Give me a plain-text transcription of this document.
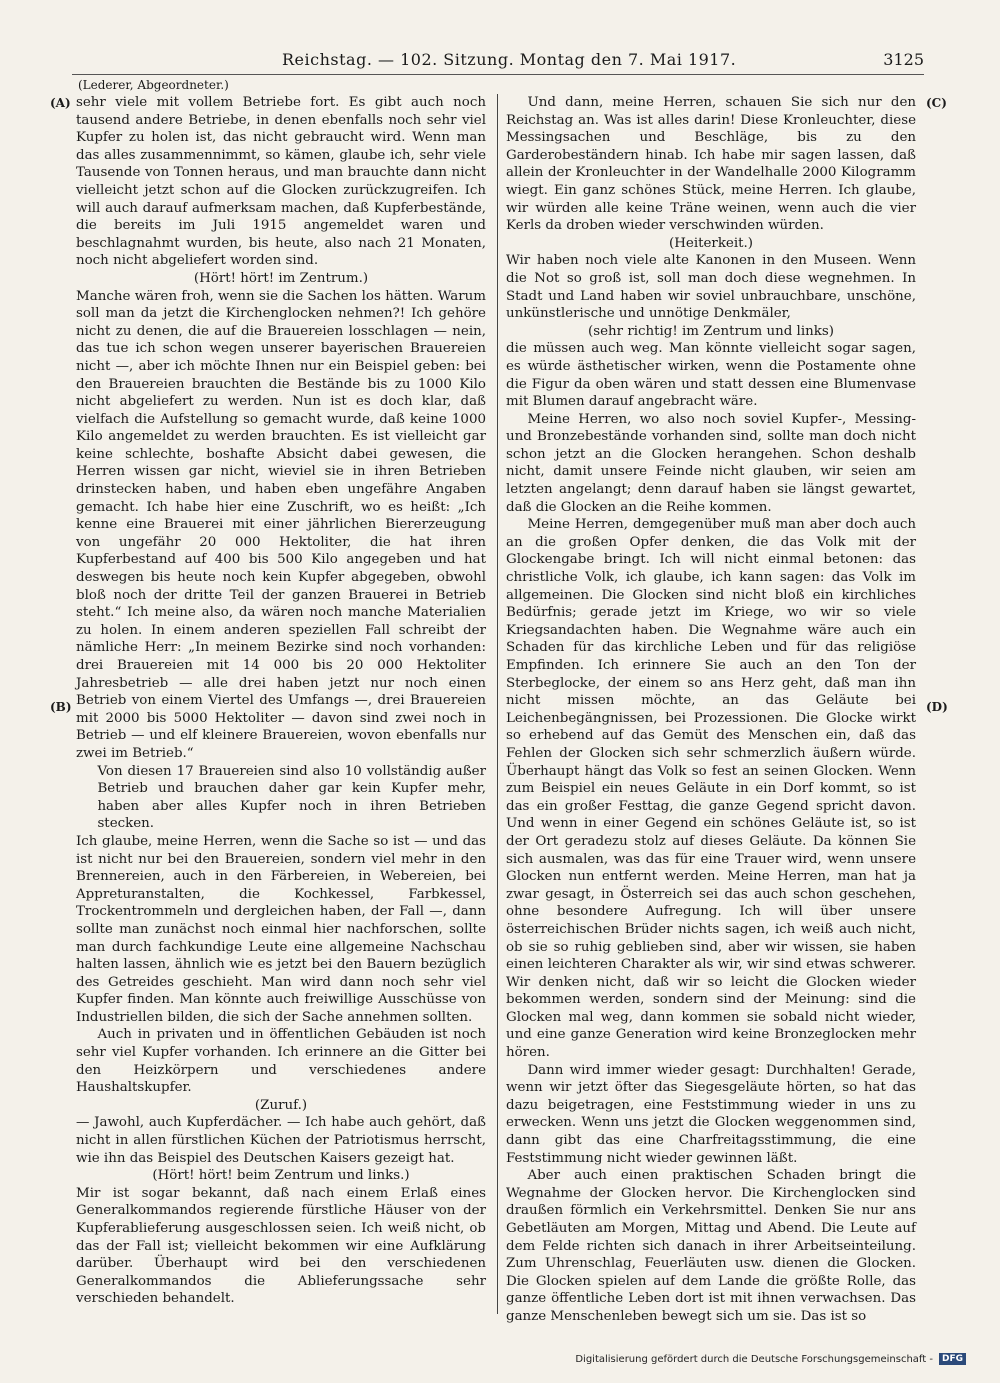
Reichstag. — 102. Sitzung. Montag den 7. Mai 1917.	3125
(Lederer, Abgeordneter.)
(A)
(B)
(C)
(D)

sehr viele mit vollem Betriebe fort. Es gibt auch noch tausend andere Betriebe, in denen ebenfalls noch sehr viel Kupfer zu holen ist, das nicht gebraucht wird. Wenn man das alles zusammennimmt, so kämen, glaube ich, sehr viele Tausende von Tonnen heraus, und man brauchte dann nicht vielleicht jetzt schon auf die Glocken zurückzugreifen. Ich will auch darauf aufmerksam machen, daß Kupferbestände, die bereits im Juli 1915 angemeldet waren und beschlagnahmt wurden, bis heute, also nach 21 Monaten, noch nicht abgeliefert worden sind.

(Hört! hört! im Zentrum.)

Manche wären froh, wenn sie die Sachen los hätten. Warum soll man da jetzt die Kirchenglocken nehmen?! Ich gehöre nicht zu denen, die auf die Brauereien losschlagen — nein, das tue ich schon wegen unserer bayerischen Brauereien nicht —, aber ich möchte Ihnen nur ein Beispiel geben: bei den Brauereien brauchten die Bestände bis zu 1000 Kilo nicht abgeliefert zu werden. Nun ist es doch klar, daß vielfach die Aufstellung so gemacht wurde, daß keine 1000 Kilo angemeldet zu werden brauchten. Es ist vielleicht gar keine schlechte, boshafte Absicht dabei gewesen, die Herren wissen gar nicht, wieviel sie in ihren Betrieben drinstecken haben, und haben eben ungefähre Angaben gemacht. Ich habe hier eine Zuschrift, wo es heißt: „Ich kenne eine Brauerei mit einer jährlichen Biererzeugung von ungefähr 20 000 Hektoliter, die hat ihren Kupferbestand auf 400 bis 500 Kilo angegeben und hat deswegen bis heute noch kein Kupfer abgegeben, obwohl bloß noch der dritte Teil der ganzen Brauerei in Betrieb steht.“ Ich meine also, da wären noch manche Materialien zu holen. In einem anderen speziellen Fall schreibt der nämliche Herr: „In meinem Bezirke sind noch vorhanden: drei Brauereien mit 14 000 bis 20 000 Hektoliter Jahresbetrieb — alle drei haben jetzt nur noch einen Betrieb von einem Viertel des Umfangs —, drei Brauereien mit 2000 bis 5000 Hektoliter — davon sind zwei noch in Betrieb — und elf kleinere Brauereien, wovon ebenfalls nur zwei im Betrieb.“

Von diesen 17 Brauereien sind also 10 vollständig außer Betrieb und brauchen daher gar kein Kupfer mehr, haben aber alles Kupfer noch in ihren Betrieben stecken.

Ich glaube, meine Herren, wenn die Sache so ist — und das ist nicht nur bei den Brauereien, sondern viel mehr in den Brennereien, auch in den Färbereien, in Webereien, bei Appreturanstalten, die Kochkessel, Farbkessel, Trockentrommeln und dergleichen haben, der Fall —, dann sollte man zunächst noch einmal hier nachforschen, sollte man durch fachkundige Leute eine allgemeine Nachschau halten lassen, ähnlich wie es jetzt bei den Bauern bezüglich des Getreides geschieht. Man wird dann noch sehr viel Kupfer finden. Man könnte auch freiwillige Ausschüsse von Industriellen bilden, die sich der Sache annehmen sollten.

Auch in privaten und in öffentlichen Gebäuden ist noch sehr viel Kupfer vorhanden. Ich erinnere an die Gitter bei den Heizkörpern und verschiedenes andere Haushaltskupfer.

(Zuruf.)

— Jawohl, auch Kupferdächer. — Ich habe auch gehört, daß nicht in allen fürstlichen Küchen der Patriotismus herrscht, wie ihn das Beispiel des Deutschen Kaisers gezeigt hat.

(Hört! hört! beim Zentrum und links.)

Mir ist sogar bekannt, daß nach einem Erlaß eines Generalkommandos regierende fürstliche Häuser von der Kupferablieferung ausgeschlossen seien. Ich weiß nicht, ob das der Fall ist; vielleicht bekommen wir eine Aufklärung darüber. Überhaupt wird bei den verschiedenen Generalkommandos die Ablieferungssache sehr verschieden behandelt.

Und dann, meine Herren, schauen Sie sich nur den Reichstag an. Was ist alles darin! Diese Kronleuchter, diese Messingsachen und Beschläge, bis zu den Garderobeständern hinab. Ich habe mir sagen lassen, daß allein der Kronleuchter in der Wandelhalle 2000 Kilogramm wiegt. Ein ganz schönes Stück, meine Herren. Ich glaube, wir würden alle keine Träne weinen, wenn auch die vier Kerls da droben wieder verschwinden würden.

(Heiterkeit.)

Wir haben noch viele alte Kanonen in den Museen. Wenn die Not so groß ist, soll man doch diese wegnehmen. In Stadt und Land haben wir soviel unbrauchbare, unschöne, unkünstlerische und unnötige Denkmäler,

(sehr richtig! im Zentrum und links)

die müssen auch weg. Man könnte vielleicht sogar sagen, es würde ästhetischer wirken, wenn die Postamente ohne die Figur da oben wären und statt dessen eine Blumenvase mit Blumen darauf angebracht wäre.

Meine Herren, wo also noch soviel Kupfer-, Messing- und Bronzebestände vorhanden sind, sollte man doch nicht schon jetzt an die Glocken herangehen. Schon deshalb nicht, damit unsere Feinde nicht glauben, wir seien am letzten angelangt; denn darauf haben sie längst gewartet, daß die Glocken an die Reihe kommen.

Meine Herren, demgegenüber muß man aber doch auch an die großen Opfer denken, die das Volk mit der Glockengabe bringt. Ich will nicht einmal betonen: das christliche Volk, ich glaube, ich kann sagen: das Volk im allgemeinen. Die Glocken sind nicht bloß ein kirchliches Bedürfnis; gerade jetzt im Kriege, wo wir so viele Kriegsandachten haben. Die Wegnahme wäre auch ein Schaden für das kirchliche Leben und für das religiöse Empfinden. Ich erinnere Sie auch an den Ton der Sterbeglocke, der einem so ans Herz geht, daß man ihn nicht missen möchte, an das Geläute bei Leichenbegängnissen, bei Prozessionen. Die Glocke wirkt so erhebend auf das Gemüt des Menschen ein, daß das Fehlen der Glocken sich sehr schmerzlich äußern würde. Überhaupt hängt das Volk so fest an seinen Glocken. Wenn zum Beispiel ein neues Geläute in ein Dorf kommt, so ist das ein großer Festtag, die ganze Gegend spricht davon. Und wenn in einer Gegend ein schönes Geläute ist, so ist der Ort geradezu stolz auf dieses Geläute. Da können Sie sich ausmalen, was das für eine Trauer wird, wenn unsere Glocken nun entfernt werden. Meine Herren, man hat ja zwar gesagt, in Österreich sei das auch schon geschehen, ohne besondere Aufregung. Ich will über unsere österreichischen Brüder nichts sagen, ich weiß auch nicht, ob sie so ruhig geblieben sind, aber wir wissen, sie haben einen leichteren Charakter als wir, wir sind etwas schwerer. Wir denken nicht, daß wir so leicht die Glocken wieder bekommen werden, sondern sind der Meinung: sind die Glocken mal weg, dann kommen sie sobald nicht wieder, und eine ganze Generation wird keine Bronzeglocken mehr hören.

Dann wird immer wieder gesagt: Durchhalten! Gerade, wenn wir jetzt öfter das Siegesgeläute hörten, so hat das dazu beigetragen, eine Feststimmung wieder in uns zu erwecken. Wenn uns jetzt die Glocken weggenommen sind, dann gibt das eine Charfreitagsstimmung, die eine Feststimmung nicht wieder gewinnen läßt.

Aber auch einen praktischen Schaden bringt die Wegnahme der Glocken hervor. Die Kirchenglocken sind draußen förmlich ein Verkehrsmittel. Denken Sie nur ans Gebetläuten am Morgen, Mittag und Abend. Die Leute auf dem Felde richten sich danach in ihrer Arbeitseinteilung. Zum Uhrenschlag, Feuerläuten usw. dienen die Glocken. Die Glocken spielen auf dem Lande die größte Rolle, das ganze öffentliche Leben dort ist mit ihnen verwachsen. Das ganze Menschenleben bewegt sich um sie. Das ist so

Digitalisierung gefördert durch die Deutsche Forschungsgemeinschaft -	DFG
